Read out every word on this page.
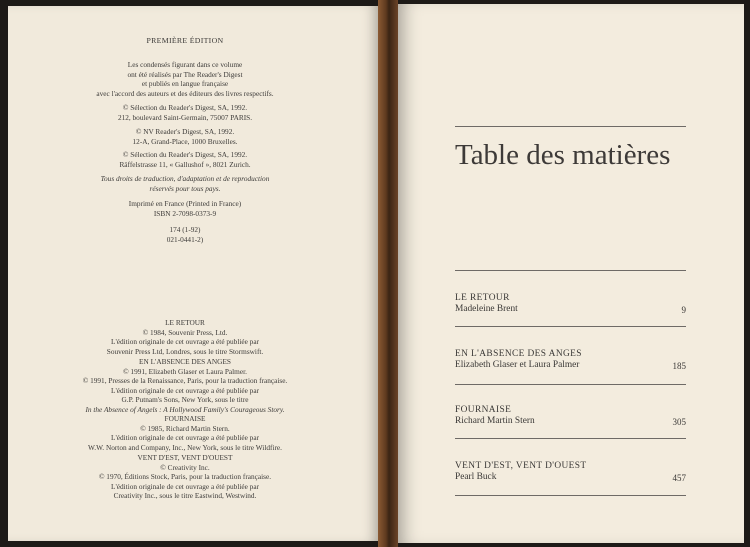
PREMIÈRE ÉDITION

Les condensés figurant dans ce volume

ont été réalisés par The Reader's Digest

et publiés en langue française

avec l'accord des auteurs et des éditeurs des livres respectifs.

© Sélection du Reader's Digest, SA, 1992.

212, boulevard Saint-Germain, 75007 PARIS.

© NV Reader's Digest, SA, 1992.

12-A, Grand-Place, 1000 Bruxelles.

© Sélection du Reader's Digest, SA, 1992.

Räffelstrasse 11, « Gallushof », 8021 Zurich.

Tous droits de traduction, d'adaptation et de reproduction

réservés pour tous pays.

Imprimé en France (Printed in France)

ISBN 2-7098-0373-9

174 (1-92)

021-0441-2)

LE RETOUR

© 1984, Souvenir Press, Ltd.

L'édition originale de cet ouvrage a été publiée par

Souvenir Press Ltd, Londres, sous le titre Stormswift.

EN L'ABSENCE DES ANGES

© 1991, Elizabeth Glaser et Laura Palmer.

© 1991, Presses de la Renaissance, Paris, pour la traduction française.

L'édition originale de cet ouvrage a été publiée par

G.P. Putnam's Sons, New York, sous le titre

In the Absence of Angels : A Hollywood Family's Courageous Story.

FOURNAISE

© 1985, Richard Martin Stern.

L'édition originale de cet ouvrage a été publiée par

W.W. Norton and Company, Inc., New York, sous le titre Wildfire.

VENT D'EST, VENT D'OUEST

© Creativity Inc.

© 1970, Éditions Stock, Paris, pour la traduction française.

L'édition originale de cet ouvrage a été publiée par

Creativity Inc., sous le titre Eastwind, Westwind.

Table des matières
LE RETOUR
Madeleine Brent	9
EN L'ABSENCE DES ANGES
Elizabeth Glaser et Laura Palmer	185
FOURNAISE
Richard Martin Stern	305
VENT D'EST, VENT D'OUEST
Pearl Buck	457
